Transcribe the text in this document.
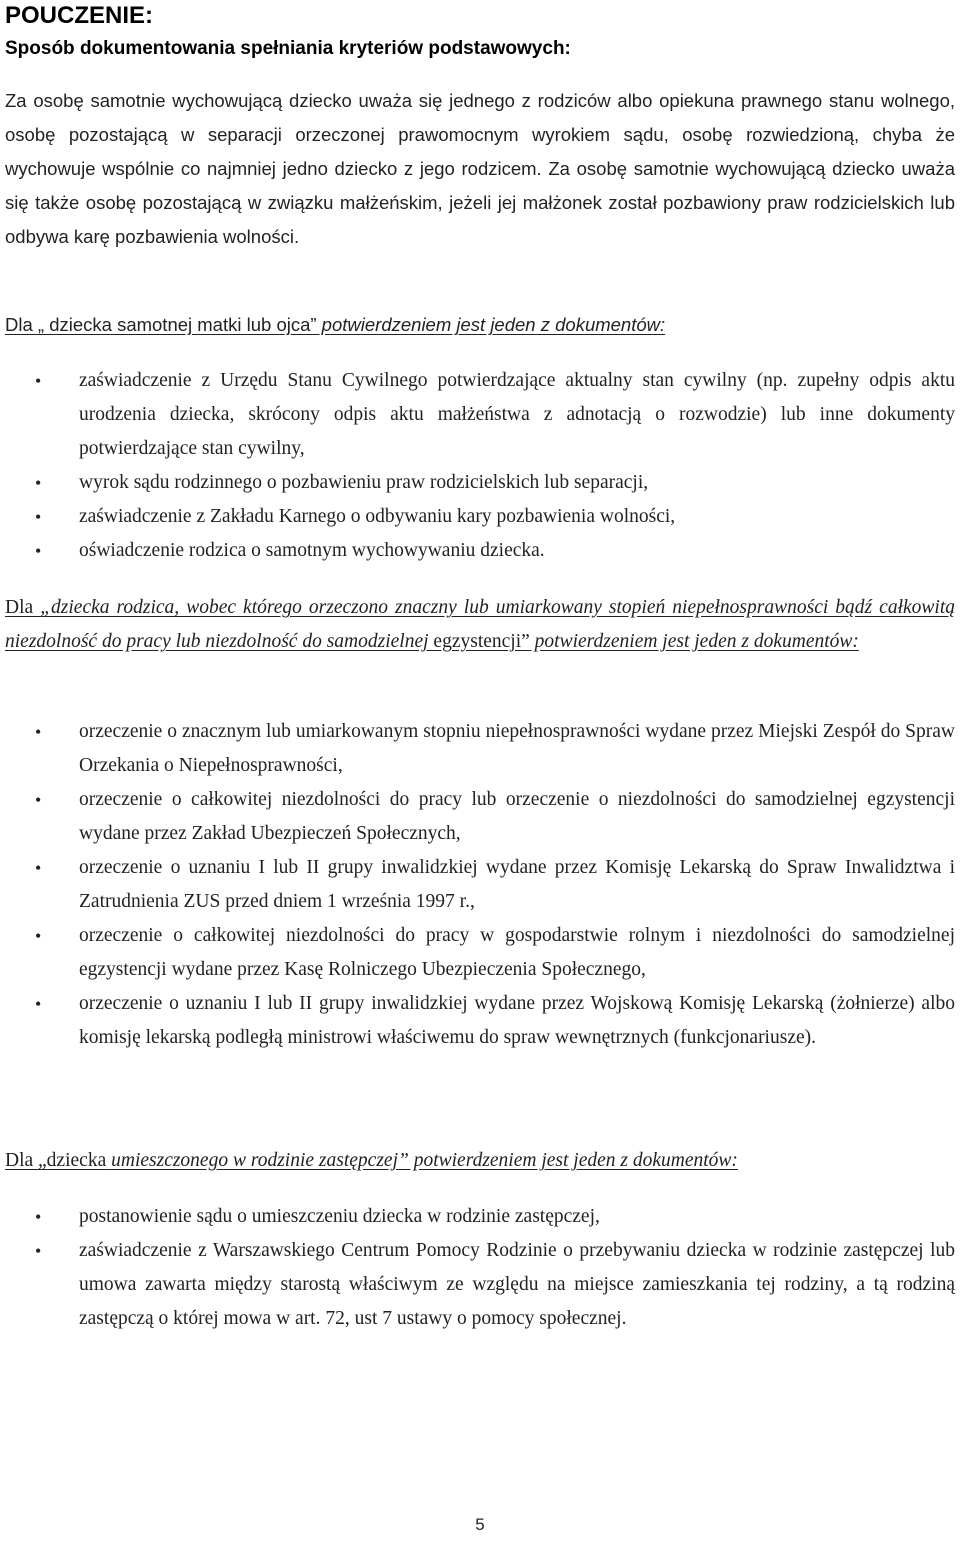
POUCZENIE:
Sposób dokumentowania spełniania kryteriów podstawowych:

Za osobę samotnie wychowującą dziecko uważa się jednego z rodziców albo opiekuna prawnego stanu wolnego, osobę pozostającą w separacji orzeczonej prawomocnym wyrokiem sądu, osobę rozwiedzioną, chyba że wychowuje wspólnie co najmniej jedno dziecko z jego rodzicem. Za osobę samotnie wychowującą dziecko uważa się także osobę pozostającą w związku małżeńskim, jeżeli jej małżonek został pozbawiony praw rodzicielskich lub odbywa karę pozbawienia wolności.

Dla „ dziecka samotnej matki lub ojca” potwierdzeniem jest jeden z dokumentów:

• zaświadczenie z Urzędu Stanu Cywilnego potwierdzające aktualny stan cywilny (np. zupełny odpis aktu urodzenia dziecka, skrócony odpis aktu małżeństwa z adnotacją o rozwodzie) lub inne dokumenty potwierdzające stan cywilny,
• wyrok sądu rodzinnego o pozbawieniu praw rodzicielskich lub separacji,
• zaświadczenie z Zakładu Karnego o odbywaniu kary pozbawienia wolności,
• oświadczenie rodzica o samotnym wychowywaniu dziecka.

Dla „dziecka rodzica, wobec którego orzeczono znaczny lub umiarkowany stopień niepełnosprawności bądź całkowitą niezdolność do pracy lub niezdolność do samodzielnej egzystencji” potwierdzeniem jest jeden z dokumentów:

• orzeczenie o znacznym lub umiarkowanym stopniu niepełnosprawności wydane przez Miejski Zespół do Spraw Orzekania o Niepełnosprawności,
• orzeczenie o całkowitej niezdolności do pracy lub orzeczenie o niezdolności do samodzielnej egzystencji wydane przez Zakład Ubezpieczeń Społecznych,
• orzeczenie o uznaniu I lub II grupy inwalidzkiej wydane przez Komisję Lekarską do Spraw Inwalidztwa i Zatrudnienia ZUS przed dniem 1 września 1997 r.,
• orzeczenie o całkowitej niezdolności do pracy w gospodarstwie rolnym i niezdolności do samodzielnej egzystencji wydane przez Kasę Rolniczego Ubezpieczenia Społecznego,
• orzeczenie o uznaniu I lub II grupy inwalidzkiej wydane przez Wojskową Komisję Lekarską (żołnierze) albo komisję lekarską podległą ministrowi właściwemu do spraw wewnętrznych (funkcjonariusze).

Dla „dziecka umieszczonego w rodzinie zastępczej” potwierdzeniem jest jeden z dokumentów:

• postanowienie sądu o umieszczeniu dziecka w rodzinie zastępczej,
• zaświadczenie z Warszawskiego Centrum Pomocy Rodzinie o przebywaniu dziecka w rodzinie zastępczej lub umowa zawarta między starostą właściwym ze względu na miejsce zamieszkania tej rodziny, a tą rodziną zastępczą o której mowa w art. 72, ust 7 ustawy o pomocy społecznej.
5
